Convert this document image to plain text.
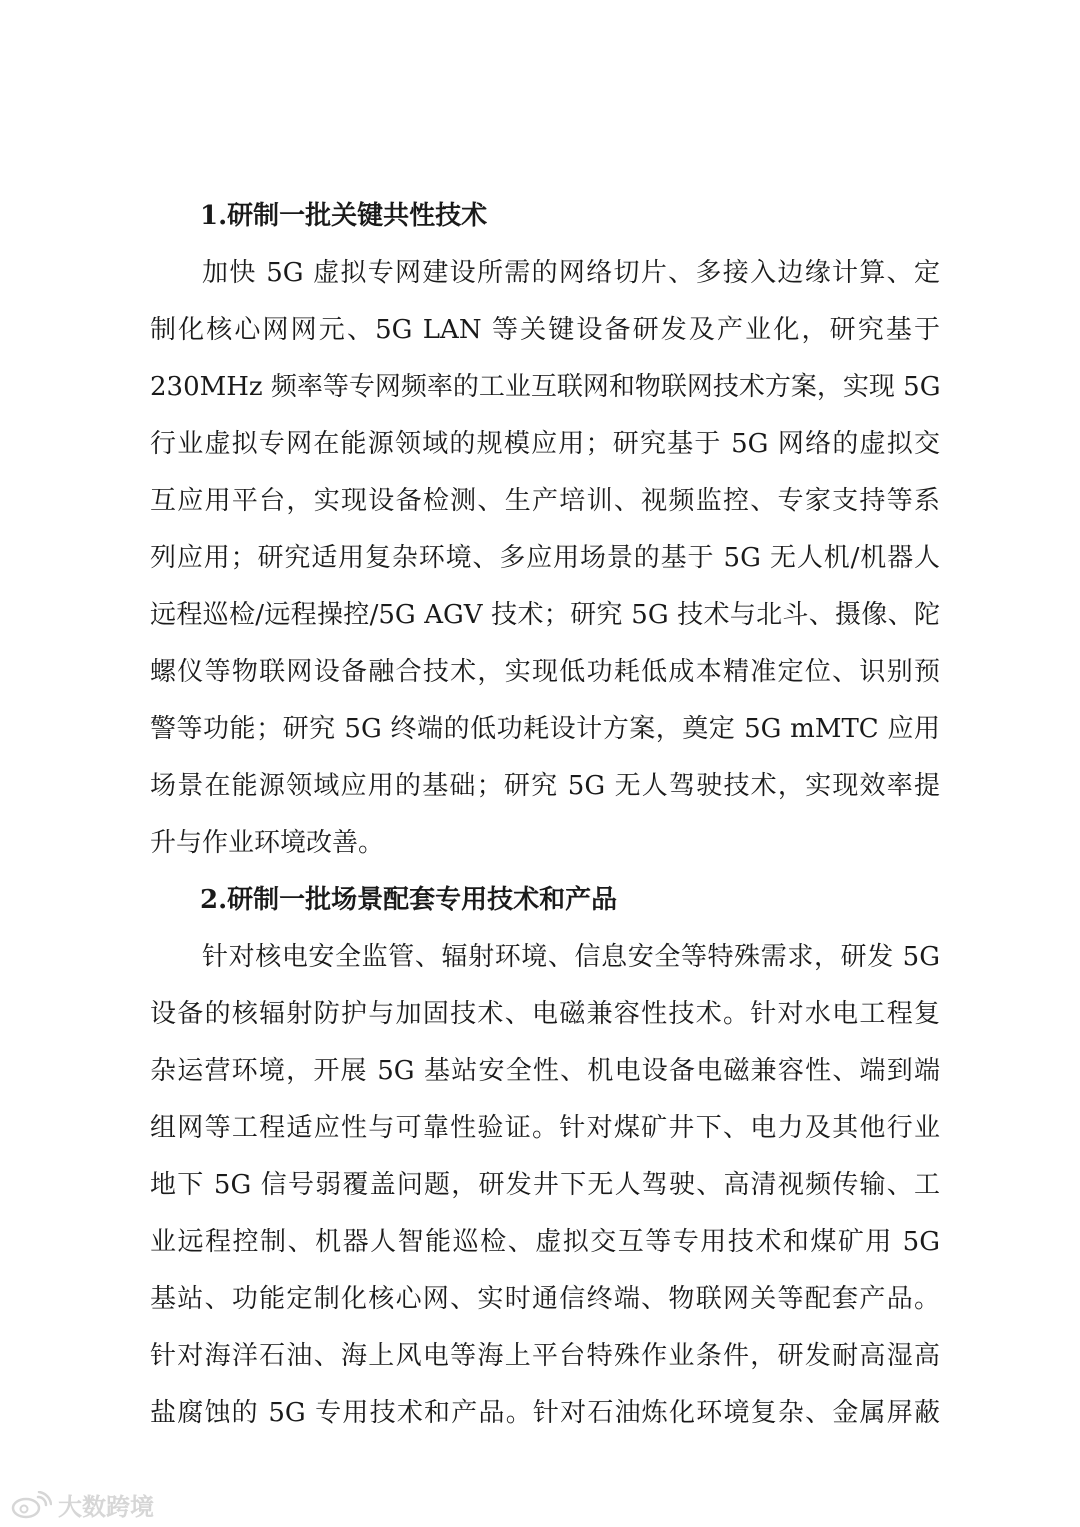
1.研制一批关键共性技术
加快 5G 虚拟专网建设所需的网络切片、多接入边缘计算、定
制化核心网网元、5G LAN 等关键设备研发及产业化，研究基于
230MHz 频率等专网频率的工业互联网和物联网技术方案，实现 5G
行业虚拟专网在能源领域的规模应用；研究基于 5G 网络的虚拟交
互应用平台，实现设备检测、生产培训、视频监控、专家支持等系
列应用；研究适用复杂环境、多应用场景的基于 5G 无人机/机器人
远程巡检/远程操控/5G AGV 技术；研究 5G 技术与北斗、摄像、陀
螺仪等物联网设备融合技术，实现低功耗低成本精准定位、识别预
警等功能；研究 5G 终端的低功耗设计方案，奠定 5G mMTC 应用
场景在能源领域应用的基础；研究 5G 无人驾驶技术，实现效率提
升与作业环境改善。
2.研制一批场景配套专用技术和产品
针对核电安全监管、辐射环境、信息安全等特殊需求，研发 5G
设备的核辐射防护与加固技术、电磁兼容性技术。针对水电工程复
杂运营环境，开展 5G 基站安全性、机电设备电磁兼容性、端到端
组网等工程适应性与可靠性验证。针对煤矿井下、电力及其他行业
地下 5G 信号弱覆盖问题，研发井下无人驾驶、高清视频传输、工
业远程控制、机器人智能巡检、虚拟交互等专用技术和煤矿用 5G
基站、功能定制化核心网、实时通信终端、物联网关等配套产品。
针对海洋石油、海上风电等海上平台特殊作业条件，研发耐高湿高
盐腐蚀的 5G 专用技术和产品。针对石油炼化环境复杂、金属屏蔽
大数跨境
